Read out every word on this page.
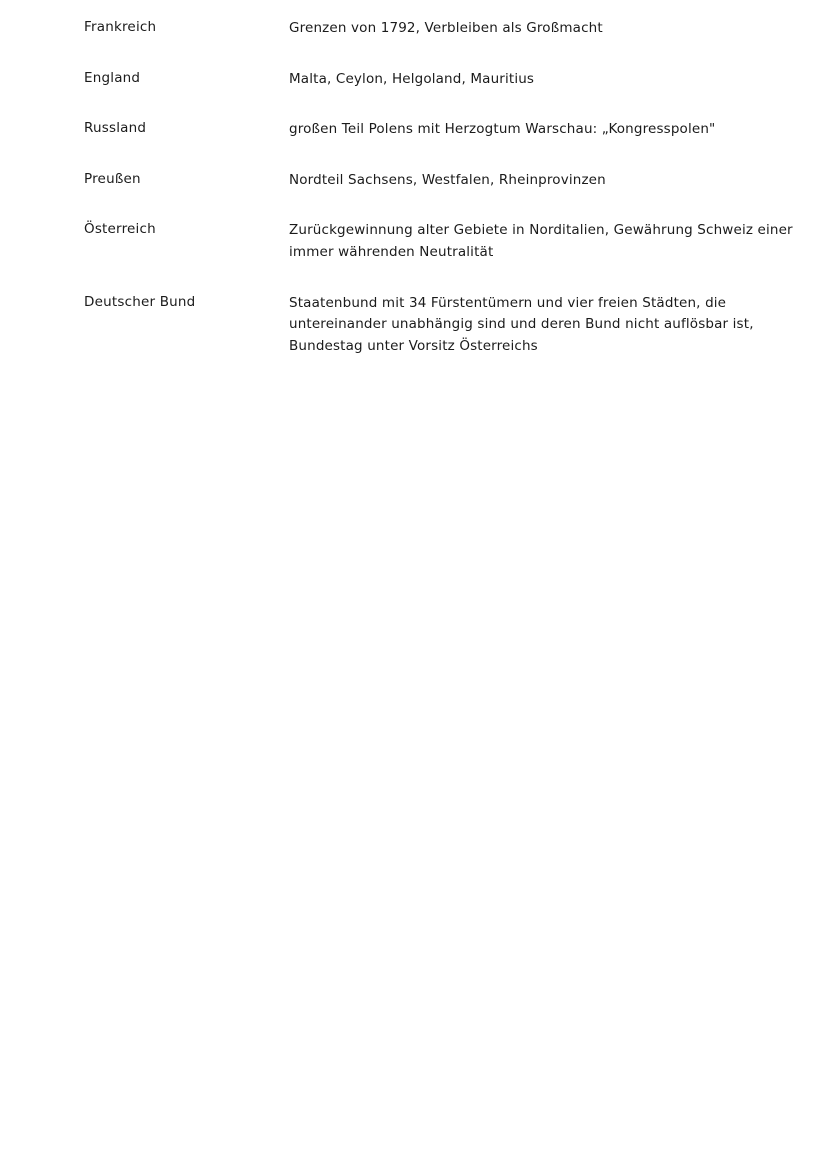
Frankreich	Grenzen von 1792, Verbleiben als Großmacht

England	Malta, Ceylon, Helgoland, Mauritius

Russland	großen Teil Polens mit Herzogtum Warschau: „Kongresspolen"

Preußen	Nordteil Sachsens, Westfalen, Rheinprovinzen

Österreich	Zurückgewinnung alter Gebiete in Norditalien, Gewährung Schweiz einer immer währenden Neutralität

Deutscher Bund	Staatenbund mit 34 Fürstentümern und vier freien Städten, die untereinander unabhängig sind und deren Bund nicht auflösbar ist, Bundestag unter Vorsitz Österreichs
